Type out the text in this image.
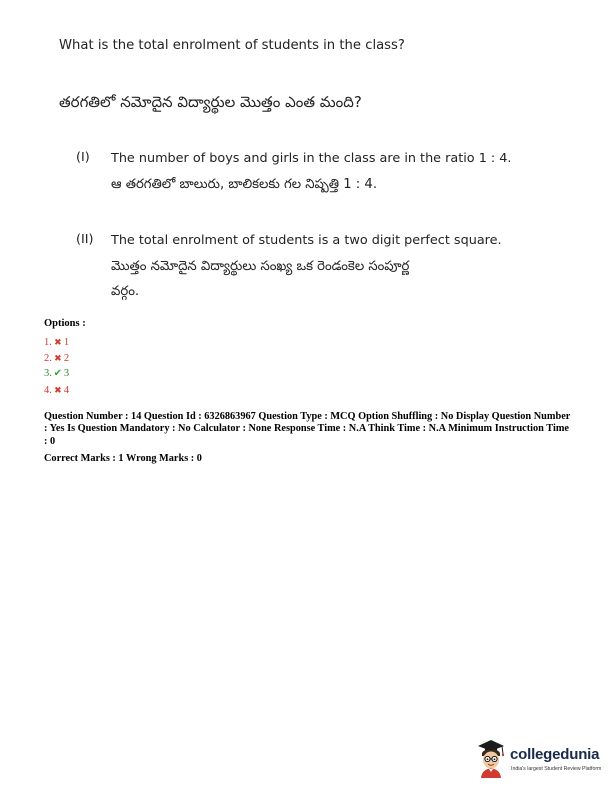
What is the total enrolment of students in the class?
తరగతిలో నమోదైన విద్యార్థుల మొత్తం ఎంత మంది?
(I)	The number of boys and girls in the class are in the ratio 1 : 4.
ఆ తరగతిలో బాలురు, బాలికలకు గల నిష్పత్తి 1 : 4.
(II)	The total enrolment of students is a two digit perfect square.
మొత్తం నమోదైన విద్యార్థులు సంఖ్య ఒక రెండంకెల సంపూర్ణ
వర్గం.
Options :
1. ✖ 1
2. ✖ 2
3. ✔ 3
4. ✖ 4
Question Number : 14 Question Id : 6326863967 Question Type : MCQ Option Shuffling : No Display Question Number : Yes Is Question Mandatory : No Calculator : None Response Time : N.A Think Time : N.A Minimum Instruction Time : 0
Correct Marks : 1 Wrong Marks : 0
collegedunia
India's largest Student Review Platform
